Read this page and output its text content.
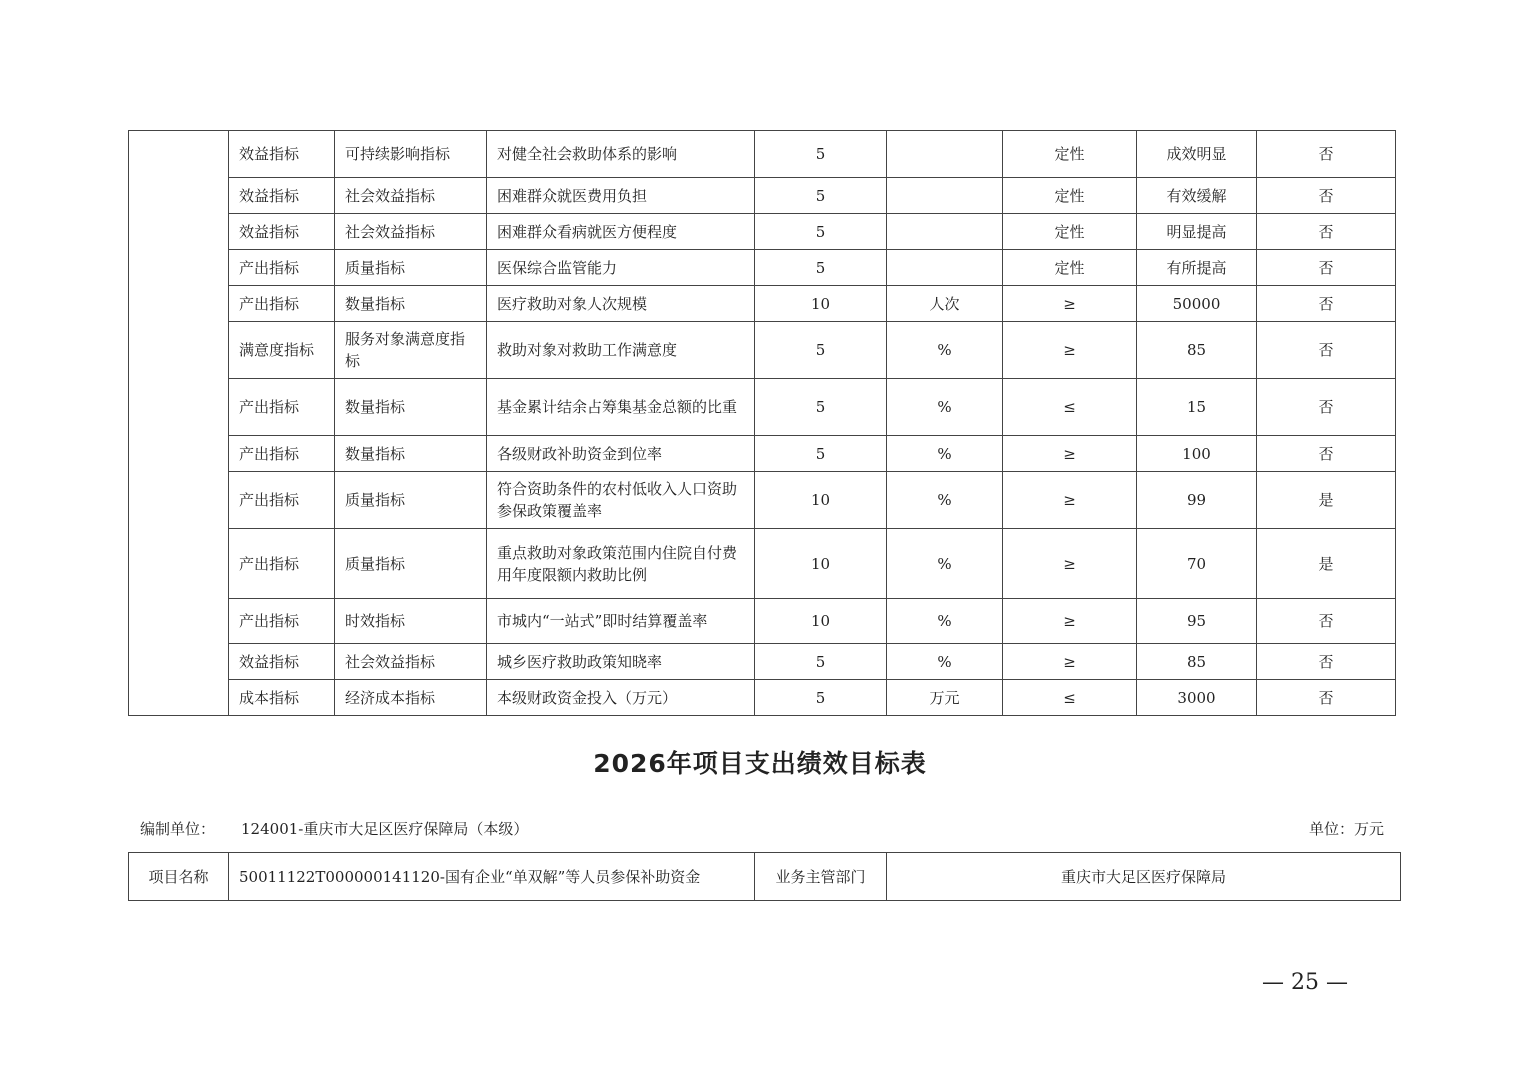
	效益指标	可持续影响指标	对健全社会救助体系的影响	5		定性	成效明显	否
	效益指标	社会效益指标	困难群众就医费用负担	5		定性	有效缓解	否
	效益指标	社会效益指标	困难群众看病就医方便程度	5		定性	明显提高	否
	产出指标	质量指标	医保综合监管能力	5		定性	有所提高	否
	产出指标	数量指标	医疗救助对象人次规模	10	人次	≥	50000	否
	满意度指标	服务对象满意度指标	救助对象对救助工作满意度	5	%	≥	85	否
	产出指标	数量指标	基金累计结余占筹集基金总额的比重	5	%	≤	15	否
	产出指标	数量指标	各级财政补助资金到位率	5	%	≥	100	否
	产出指标	质量指标	符合资助条件的农村低收入人口资助参保政策覆盖率	10	%	≥	99	是
	产出指标	质量指标	重点救助对象政策范围内住院自付费用年度限额内救助比例	10	%	≥	70	是
	产出指标	时效指标	市城内“一站式”即时结算覆盖率	10	%	≥	95	否
	效益指标	社会效益指标	城乡医疗救助政策知晓率	5	%	≥	85	否
	成本指标	经济成本指标	本级财政资金投入（万元）	5	万元	≤	3000	否
2026年项目支出绩效目标表
编制单位： 124001-重庆市大足区医疗保障局（本级）	单位：万元
项目名称	50011122T000000141120-国有企业“单双解”等人员参保补助资金	业务主管部门	重庆市大足区医疗保障局
— 25 —
